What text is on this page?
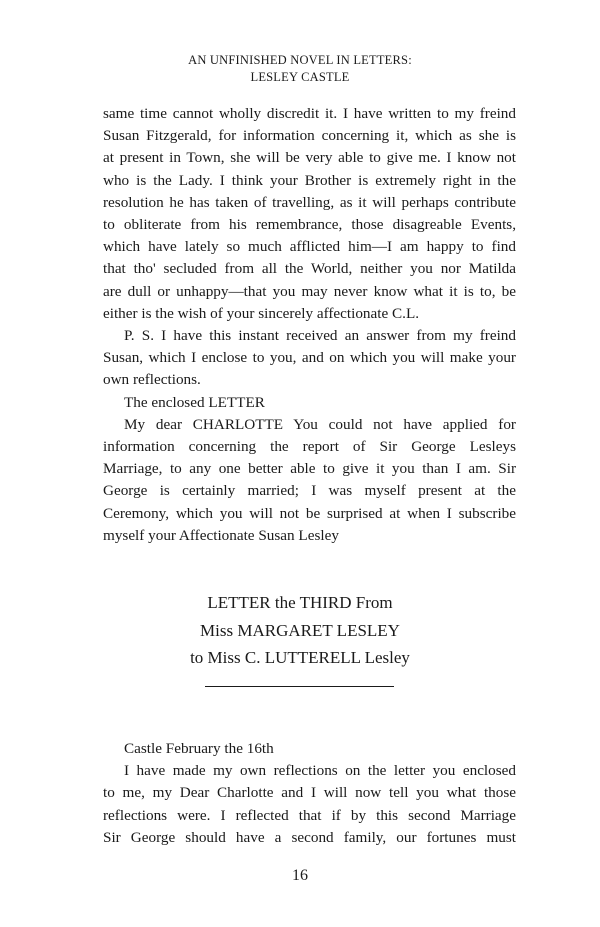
AN UNFINISHED NOVEL IN LETTERS:
LESLEY CASTLE
same time cannot wholly discredit it. I have written to my freind
Susan Fitzgerald, for information concerning it, which as she is
at present in Town, she will be very able to give me. I know not
who is the Lady. I think your Brother is extremely right in the
resolution he has taken of travelling, as it will perhaps contribute
to obliterate from his remembrance, those disagreable Events,
which have lately so much afflicted him—I am happy to find
that tho' secluded from all the World, neither you nor Matilda
are dull or unhappy—that you may never know what it is to, be
either is the wish of your sincerely affectionate C.L.
P. S. I have this instant received an answer from my freind
Susan, which I enclose to you, and on which you will make your
own reflections.
The enclosed LETTER
My dear CHARLOTTE You could not have applied for
information concerning the report of Sir George Lesleys
Marriage, to any one better able to give it you than I am. Sir
George is certainly married; I was myself present at the
Ceremony, which you will not be surprised at when I subscribe
myself your Affectionate Susan Lesley
LETTER the THIRD From
Miss MARGARET LESLEY
to Miss C. LUTTERELL Lesley
Castle February the 16th
I have made my own reflections on the letter you enclosed
to me, my Dear Charlotte and I will now tell you what those
reflections were. I reflected that if by this second Marriage
Sir George should have a second family, our fortunes must
16
